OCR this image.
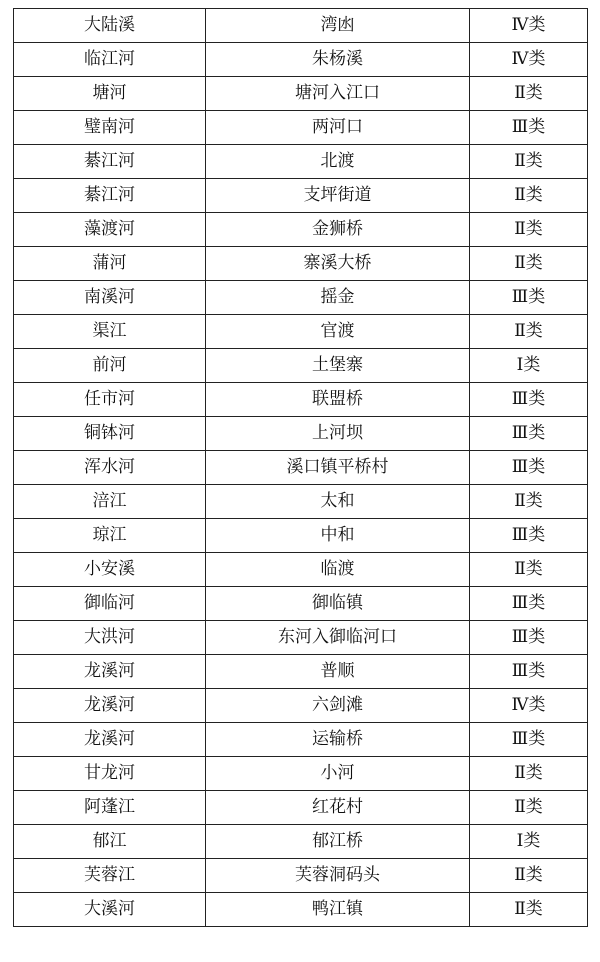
大陆溪	湾凼	Ⅳ类
临江河	朱杨溪	Ⅳ类
塘河	塘河入江口	Ⅱ类
璧南河	两河口	Ⅲ类
綦江河	北渡	Ⅱ类
綦江河	支坪街道	Ⅱ类
藻渡河	金狮桥	Ⅱ类
蒲河	寨溪大桥	Ⅱ类
南溪河	摇金	Ⅲ类
渠江	官渡	Ⅱ类
前河	土堡寨	Ⅰ类
任市河	联盟桥	Ⅲ类
铜钵河	上河坝	Ⅲ类
浑水河	溪口镇平桥村	Ⅲ类
涪江	太和	Ⅱ类
琼江	中和	Ⅲ类
小安溪	临渡	Ⅱ类
御临河	御临镇	Ⅲ类
大洪河	东河入御临河口	Ⅲ类
龙溪河	普顺	Ⅲ类
龙溪河	六剑滩	Ⅳ类
龙溪河	运输桥	Ⅲ类
甘龙河	小河	Ⅱ类
阿蓬江	红花村	Ⅱ类
郁江	郁江桥	Ⅰ类
芙蓉江	芙蓉洞码头	Ⅱ类
大溪河	鸭江镇	Ⅱ类
